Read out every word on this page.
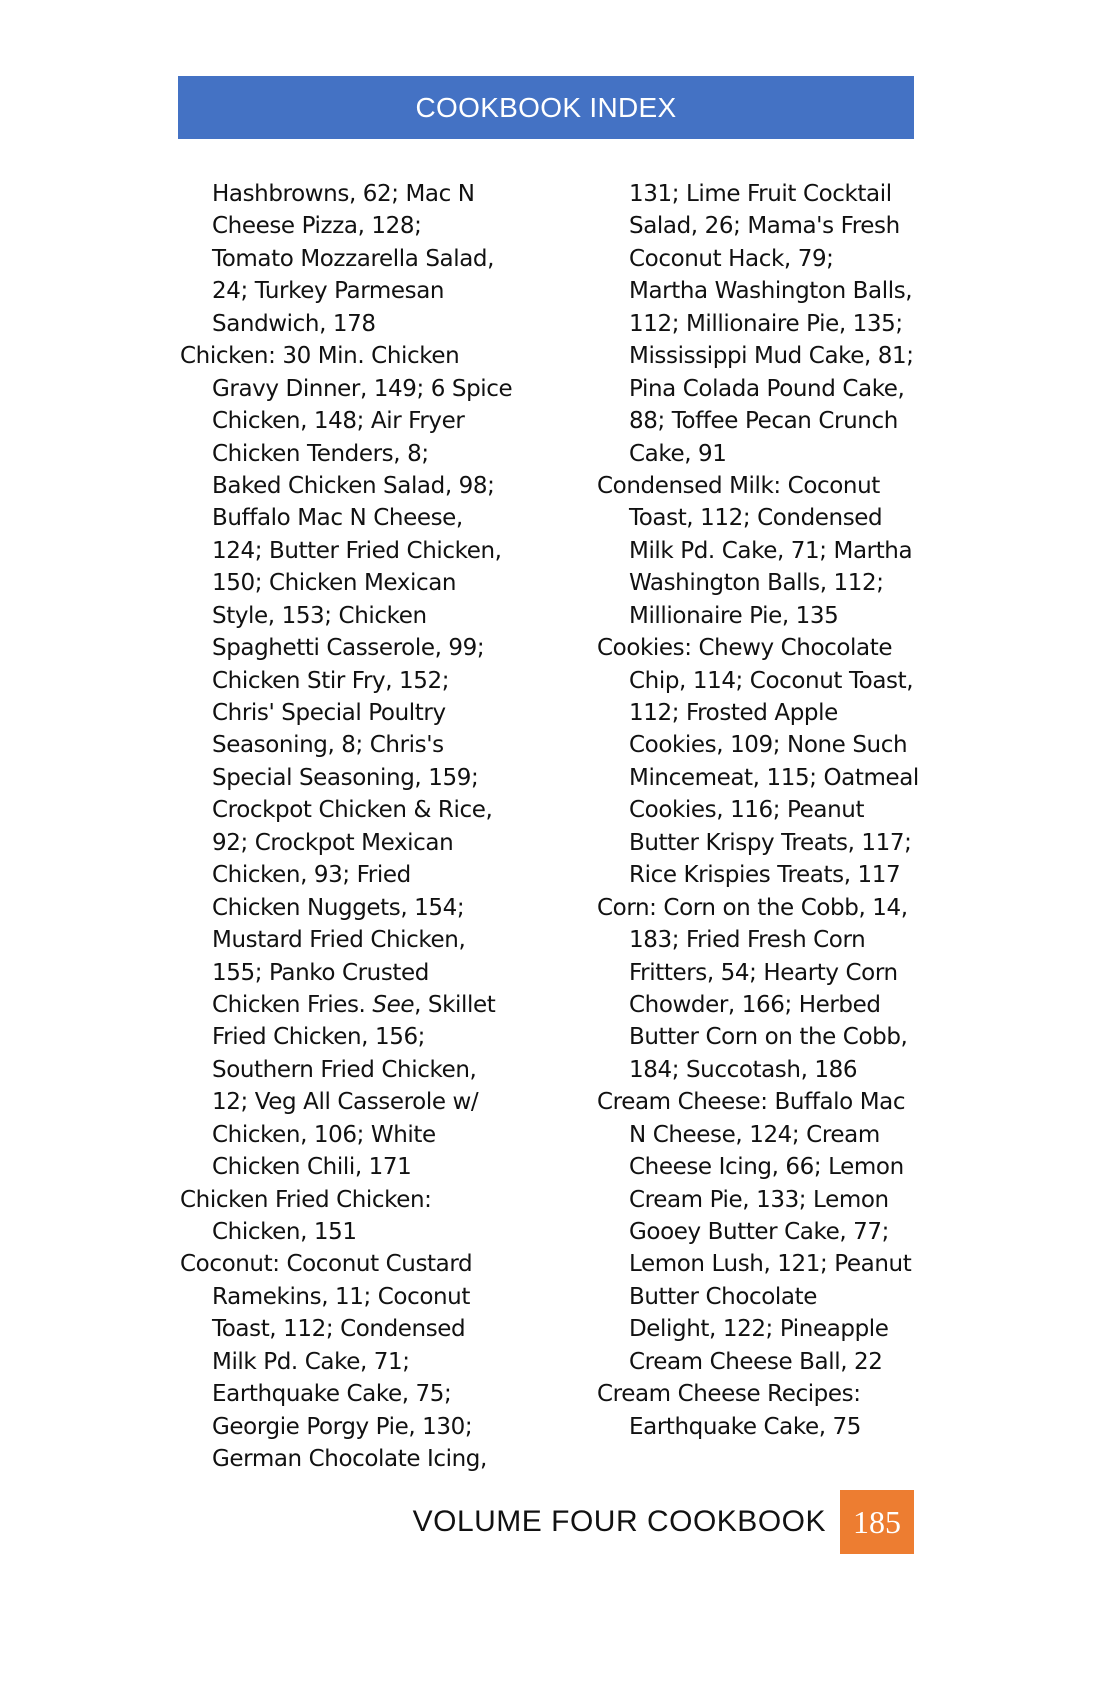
COOKBOOK INDEX
Hashbrowns, 62; Mac N
Cheese Pizza, 128;
Tomato Mozzarella Salad,
24; Turkey Parmesan
Sandwich, 178
Chicken: 30 Min. Chicken
Gravy Dinner, 149; 6 Spice
Chicken, 148; Air Fryer
Chicken Tenders, 8;
Baked Chicken Salad, 98;
Buffalo Mac N Cheese,
124; Butter Fried Chicken,
150; Chicken Mexican
Style, 153; Chicken
Spaghetti Casserole, 99;
Chicken Stir Fry, 152;
Chris' Special Poultry
Seasoning, 8; Chris's
Special Seasoning, 159;
Crockpot Chicken & Rice,
92; Crockpot Mexican
Chicken, 93; Fried
Chicken Nuggets, 154;
Mustard Fried Chicken,
155; Panko Crusted
Chicken Fries. See, Skillet
Fried Chicken, 156;
Southern Fried Chicken,
12; Veg All Casserole w/
Chicken, 106; White
Chicken Chili, 171
Chicken Fried Chicken:
Chicken, 151
Coconut: Coconut Custard
Ramekins, 11; Coconut
Toast, 112; Condensed
Milk Pd. Cake, 71;
Earthquake Cake, 75;
Georgie Porgy Pie, 130;
German Chocolate Icing,
131; Lime Fruit Cocktail
Salad, 26; Mama's Fresh
Coconut Hack, 79;
Martha Washington Balls,
112; Millionaire Pie, 135;
Mississippi Mud Cake, 81;
Pina Colada Pound Cake,
88; Toffee Pecan Crunch
Cake, 91
Condensed Milk: Coconut
Toast, 112; Condensed
Milk Pd. Cake, 71; Martha
Washington Balls, 112;
Millionaire Pie, 135
Cookies: Chewy Chocolate
Chip, 114; Coconut Toast,
112; Frosted Apple
Cookies, 109; None Such
Mincemeat, 115; Oatmeal
Cookies, 116; Peanut
Butter Krispy Treats, 117;
Rice Krispies Treats, 117
Corn: Corn on the Cobb, 14,
183; Fried Fresh Corn
Fritters, 54; Hearty Corn
Chowder, 166; Herbed
Butter Corn on the Cobb,
184; Succotash, 186
Cream Cheese: Buffalo Mac
N Cheese, 124; Cream
Cheese Icing, 66; Lemon
Cream Pie, 133; Lemon
Gooey Butter Cake, 77;
Lemon Lush, 121; Peanut
Butter Chocolate
Delight, 122; Pineapple
Cream Cheese Ball, 22
Cream Cheese Recipes:
Earthquake Cake, 75
VOLUME FOUR COOKBOOK 185
